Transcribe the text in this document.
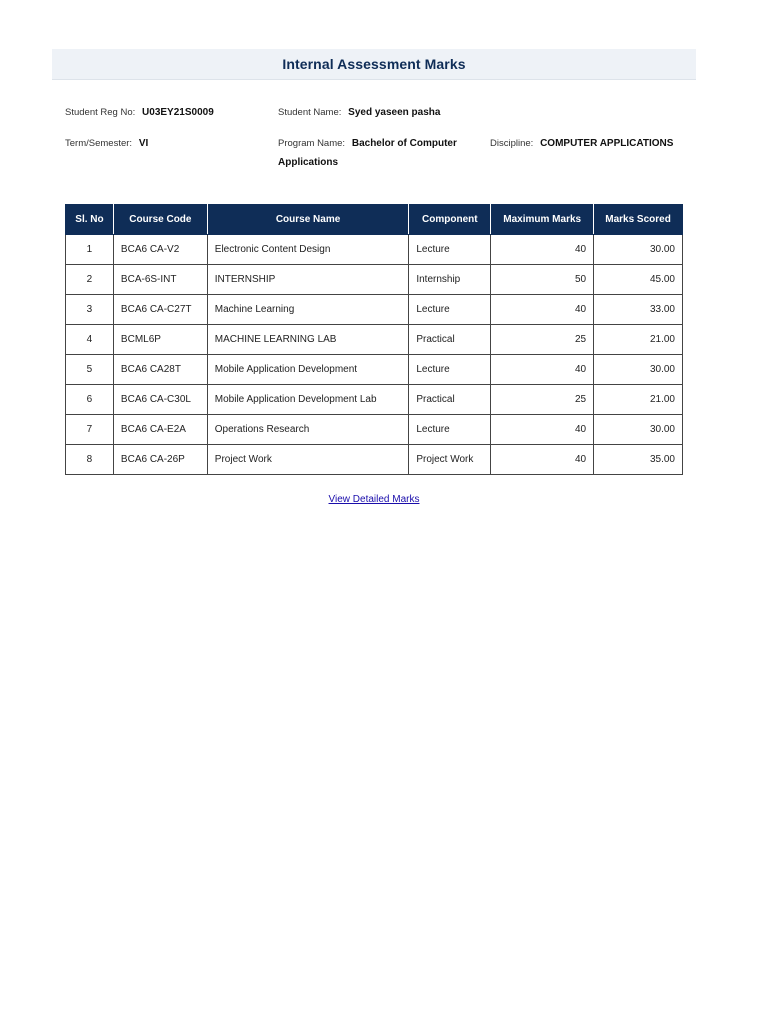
Internal Assessment Marks
Student Reg No: U03EY21S0009	Student Name: Syed yaseen pasha
Term/Semester: VI	Program Name: Bachelor of Computer Applications
Discipline: COMPUTER APPLICATIONS
Sl. No	Course Code	Course Name	Component	Maximum Marks	Marks Scored
1	BCA6 CA-V2	Electronic Content Design	Lecture	40	30.00
2	BCA-6S-INT	INTERNSHIP	Internship	50	45.00
3	BCA6 CA-C27T	Machine Learning	Lecture	40	33.00
4	BCML6P	MACHINE LEARNING LAB	Practical	25	21.00
5	BCA6 CA28T	Mobile Application Development	Lecture	40	30.00
6	BCA6 CA-C30L	Mobile Application Development Lab	Practical	25	21.00
7	BCA6 CA-E2A	Operations Research	Lecture	40	30.00
8	BCA6 CA-26P	Project Work	Project Work	40	35.00
View Detailed Marks
